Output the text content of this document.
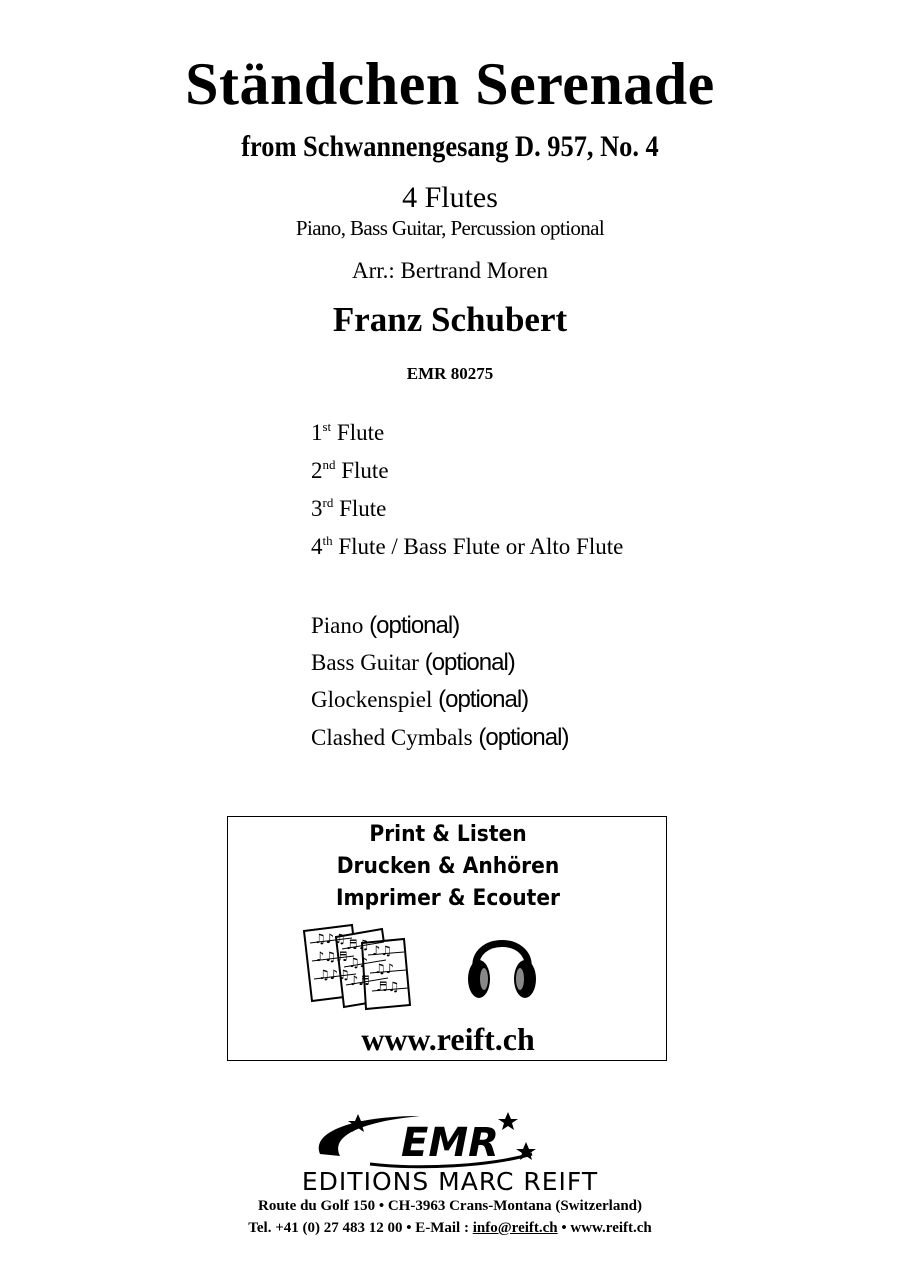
Ständchen Serenade
from Schwannengesang D. 957, No. 4
4 Flutes
Piano, Bass Guitar, Percussion optional
Arr.: Bertrand Moren
Franz Schubert
EMR 80275
1st Flute
2nd Flute
3rd Flute
4th Flute / Bass Flute or Alto Flute
Piano (optional)
Bass Guitar (optional)
Glockenspiel (optional)
Clashed Cymbals (optional)
Print & Listen
Drucken & Anhören
Imprimer & Ecouter
♫♪♫
♪♫♬
♫♪♫
♬♫
♫♪
♪♬
♪♫
♫♪
♬♫
www.reift.ch
EMR
EDITIONS MARC REIFT
Route du Golf 150 • CH-3963 Crans-Montana (Switzerland)
Tel. +41 (0) 27 483 12 00 • E-Mail : info@reift.ch • www.reift.ch
